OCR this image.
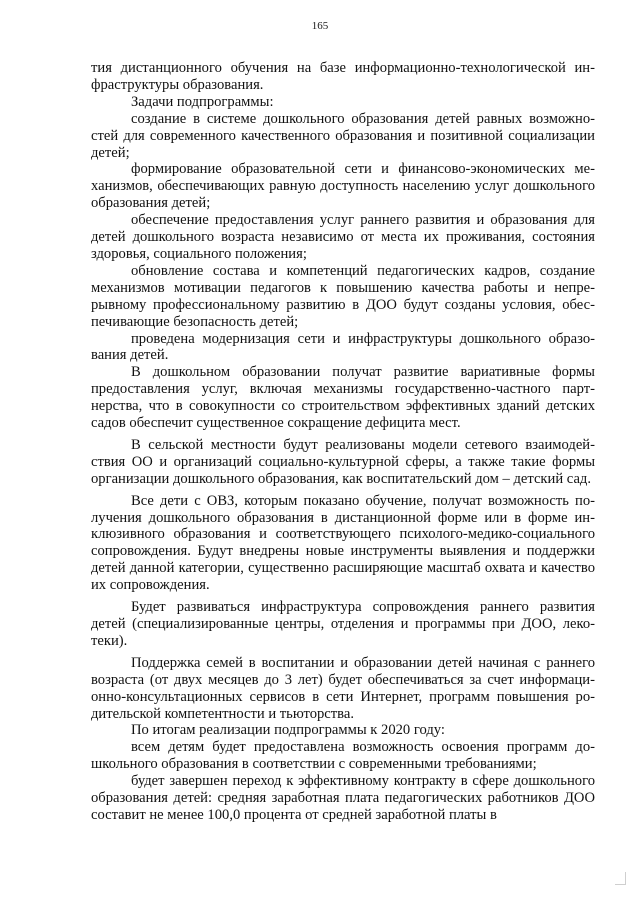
165

тия дистанционного обучения на базе информационно-технологической инфраструктуры образования.

Задачи подпрограммы:

создание в системе дошкольного образования детей равных возможностей для современного качественного образования и позитивной социализации детей;

формирование образовательной сети и финансово-экономических механизмов, обеспечивающих равную доступность населению услуг дошкольного образования детей;

обеспечение предоставления услуг раннего развития и образования для детей дошкольного возраста независимо от места их проживания, состояния здоровья, социального положения;

обновление состава и компетенций педагогических кадров, создание механизмов мотивации педагогов к повышению качества работы и непрерывному профессиональному развитию в ДОО будут созданы условия, обеспечивающие безопасность детей;

проведена модернизация сети и инфраструктуры дошкольного образования детей.

В дошкольном образовании получат развитие вариативные формы предоставления услуг, включая механизмы государственно-частного партнерства, что в совокупности со строительством эффективных зданий детских садов обеспечит существенное сокращение дефицита мест.

В сельской местности будут реализованы модели сетевого взаимодействия ОО и организаций социально-культурной сферы, а также такие формы организации дошкольного образования, как воспитательский дом – детский сад.

Все дети с ОВЗ, которым показано обучение, получат возможность получения дошкольного образования в дистанционной форме или в форме инклюзивного образования и соответствующего психолого-медико-социального сопровождения. Будут внедрены новые инструменты выявления и поддержки детей данной категории, существенно расширяющие масштаб охвата и качество их сопровождения.

Будет развиваться инфраструктура сопровождения раннего развития детей (специализированные центры, отделения и программы при ДОО, лекотеки).

Поддержка семей в воспитании и образовании детей начиная с раннего возраста (от двух месяцев до 3 лет) будет обеспечиваться за счет информационно-консультационных сервисов в сети Интернет, программ повышения родительской компетентности и тьюторства.

По итогам реализации подпрограммы к 2020 году:

всем детям будет предоставлена возможность освоения программ дошкольного образования в соответствии с современными требованиями;

будет завершен переход к эффективному контракту в сфере дошкольного образования детей: средняя заработная плата педагогических работников ДОО составит не менее 100,0 процента от средней заработной платы в
